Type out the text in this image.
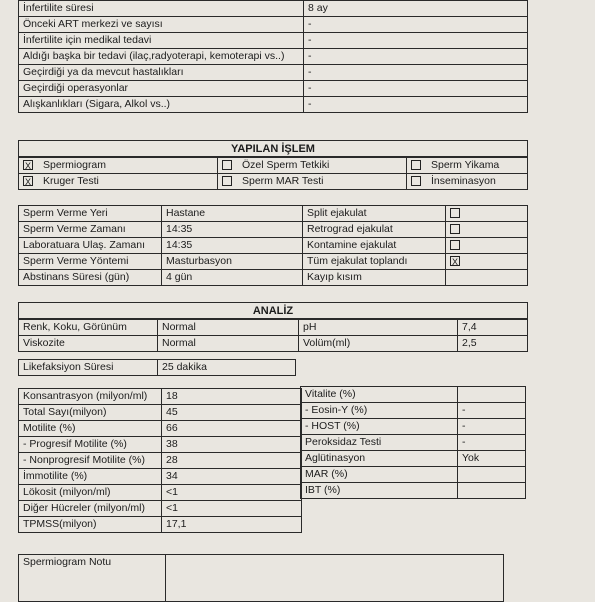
İnfertilite süresi	8 ay
Önceki ART merkezi ve sayısı	-
İnfertilite için medikal tedavi	-
Aldığı başka bir tedavi (ilaç,radyoterapi, kemoterapi vs..)	-
Geçirdiği ya da mevcut hastalıkları	-
Geçirdiği operasyonlar	-
Alışkanlıkları (Sigara, Alkol vs..)	-
YAPILAN İŞLEM
X Spermiogram	Özel Sperm Tetkiki	Sperm Yikama
X Kruger Testi	Sperm MAR Testi	İnseminasyon
Sperm Verme Yeri	Hastane	Split ejakulat	
Sperm Verme Zamanı	14:35	Retrograd ejakulat	
Laboratuara Ulaş. Zamanı	14:35	Kontamine ejakulat	
Sperm Verme Yöntemi	Masturbasyon	Tüm ejakulat toplandı	X
Abstinans Süresi (gün)	4 gün	Kayıp kısım	
ANALİZ
Renk, Koku, Görünüm	Normal	pH	7,4
Viskozite	Normal	Volüm(ml)	2,5
Likefaksiyon Süresi	25 dakika
Konsantrasyon (milyon/ml)	18
Total Sayı(milyon)	45
Motilite (%)	66
- Progresif Motilite (%)	38
- Nonprogresif Motilite (%)	28
İmmotilite (%)	34
Lökosit (milyon/ml)	<1
Diğer Hücreler (milyon/ml)	<1
TPMSS(milyon)	17,1
Vitalite (%)	
- Eosin-Y (%)	-
- HOST (%)	-
Peroksidaz Testi	-
Aglütinasyon	Yok
MAR (%)	
IBT (%)	
Spermiogram Notu	
